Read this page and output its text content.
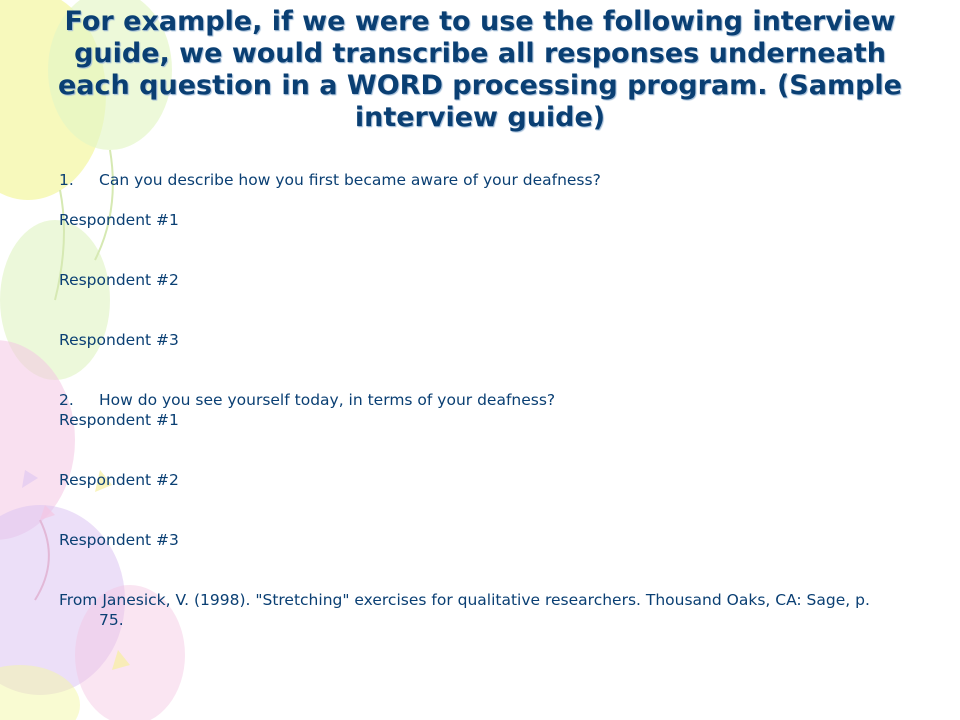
For example, if we were to use the following interview guide, we would transcribe all responses underneath each question in a WORD processing program. (Sample interview guide)
1.	Can you describe how you first became aware of your deafness?
Respondent #1
Respondent #2
Respondent #3
2.	How do you see yourself today, in terms of your deafness?
Respondent #1
Respondent #2
Respondent #3
From Janesick, V. (1998). "Stretching" exercises for qualitative researchers. Thousand Oaks, CA: Sage, p. 75.
